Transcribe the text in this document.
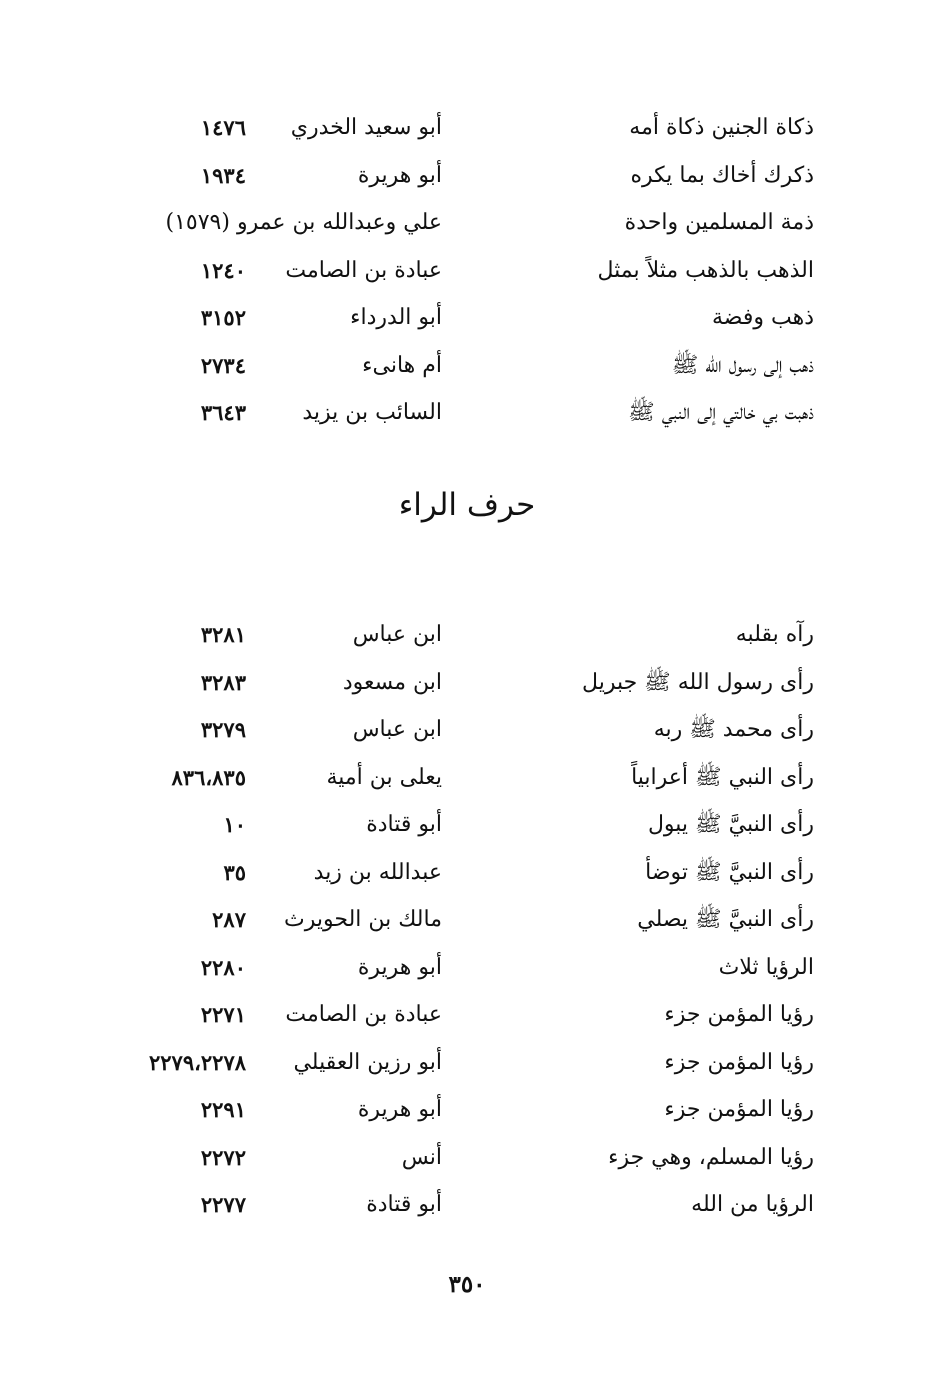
ذكاة الجنين ذكاة أمه
أبو سعيد الخدري
١٤٧٦
ذكرك أخاك بما يكره
أبو هريرة
١٩٣٤
ذمة المسلمين واحدة
علي وعبدالله بن عمرو (١٥٧٩)
الذهب بالذهب مثلاً بمثل
عبادة بن الصامت
١٢٤٠
ذهب وفضة
أبو الدرداء
٣١٥٢
ذهب إلى رسول الله ﷺ
أم هانىء
٢٧٣٤
ذهبت بي خالتي إلى النبي ﷺ
السائب بن يزيد
٣٦٤٣
حرف الراء
رآه بقلبه
ابن عباس
٣٢٨١
رأى رسول الله ﷺ جبريل
ابن مسعود
٣٢٨٣
رأى محمد ﷺ ربه
ابن عباس
٣٢٧٩
رأى النبي ﷺ أعرابياً
يعلى بن أمية
٨٣٦،٨٣٥
رأى النبيَّ ﷺ يبول
أبو قتادة
١٠
رأى النبيَّ ﷺ توضأ
عبدالله بن زيد
٣٥
رأى النبيَّ ﷺ يصلي
مالك بن الحويرث
٢٨٧
الرؤيا ثلاث
أبو هريرة
٢٢٨٠
رؤيا المؤمن جزء
عبادة بن الصامت
٢٢٧١
رؤيا المؤمن جزء
أبو رزين العقيلي
٢٢٧٩،٢٢٧٨
رؤيا المؤمن جزء
أبو هريرة
٢٢٩١
رؤيا المسلم، وهي جزء
أنس
٢٢٧٢
الرؤيا من الله
أبو قتادة
٢٢٧٧
٣٥٠
